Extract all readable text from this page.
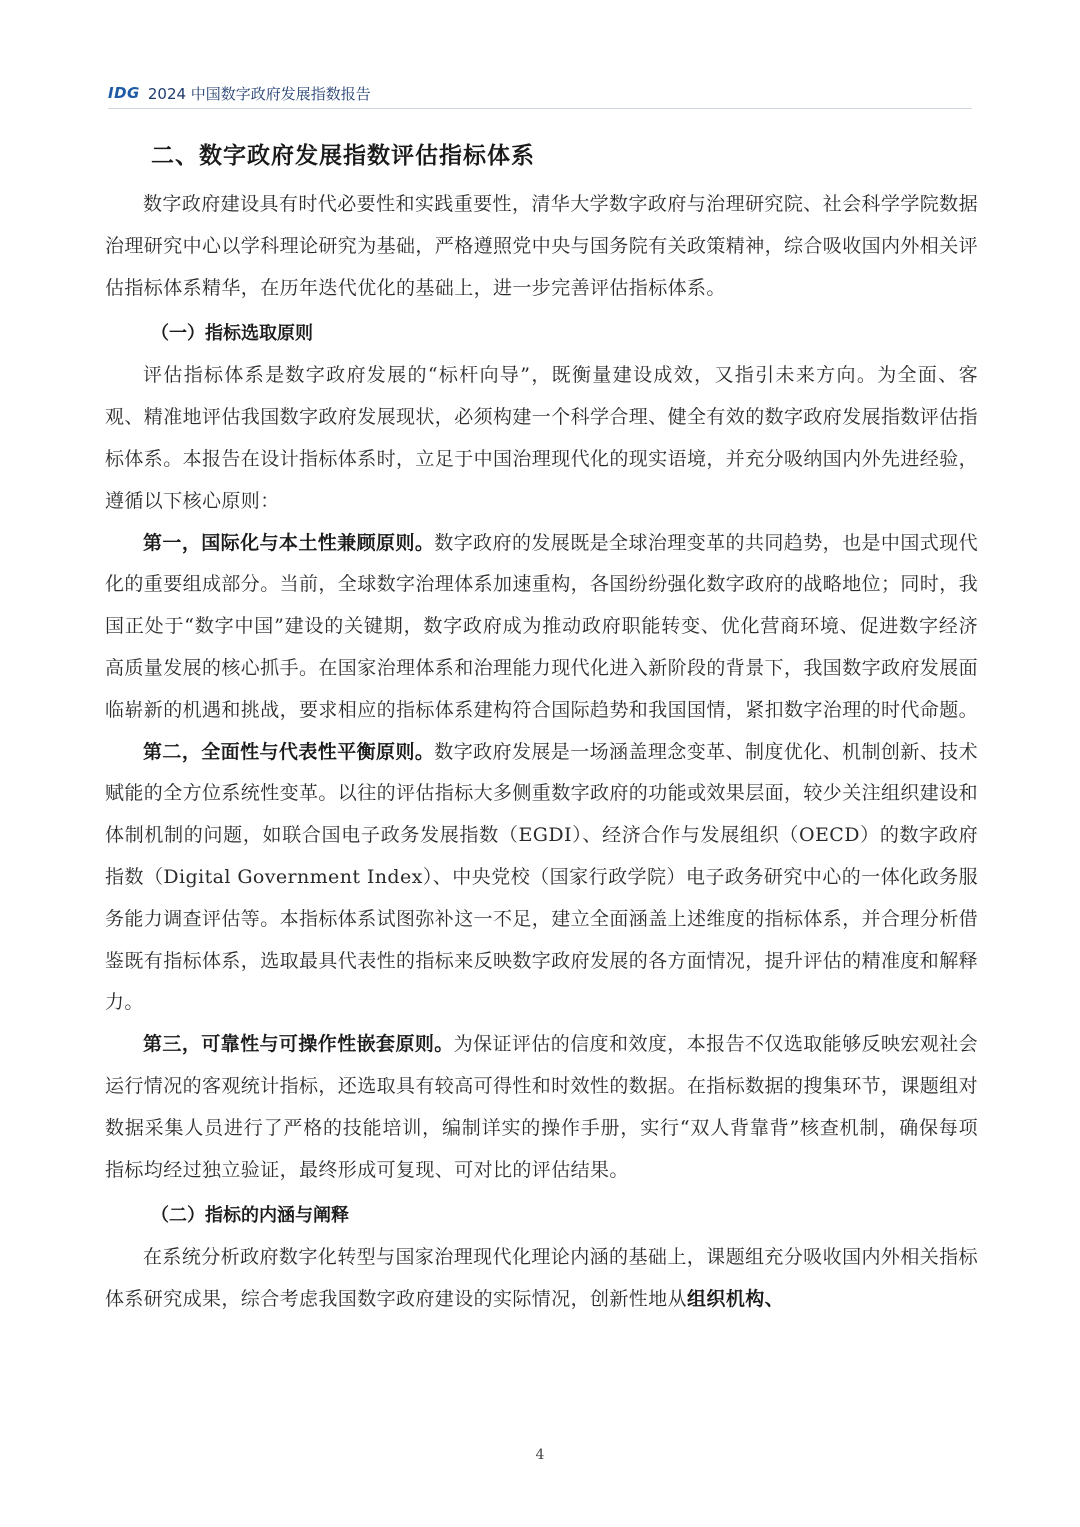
IDG 2024 中国数字政府发展指数报告
二、数字政府发展指数评估指标体系

数字政府建设具有时代必要性和实践重要性，清华大学数字政府与治理研究院、社会科学学院数据治理研究中心以学科理论研究为基础，严格遵照党中央与国务院有关政策精神，综合吸收国内外相关评估指标体系精华，在历年迭代优化的基础上，进一步完善评估指标体系。

（一）指标选取原则

评估指标体系是数字政府发展的“标杆向导”，既衡量建设成效，又指引未来方向。为全面、客观、精准地评估我国数字政府发展现状，必须构建一个科学合理、健全有效的数字政府发展指数评估指标体系。本报告在设计指标体系时，立足于中国治理现代化的现实语境，并充分吸纳国内外先进经验，遵循以下核心原则：

第一，国际化与本土性兼顾原则。数字政府的发展既是全球治理变革的共同趋势，也是中国式现代化的重要组成部分。当前，全球数字治理体系加速重构，各国纷纷强化数字政府的战略地位；同时，我国正处于“数字中国”建设的关键期，数字政府成为推动政府职能转变、优化营商环境、促进数字经济高质量发展的核心抓手。在国家治理体系和治理能力现代化进入新阶段的背景下，我国数字政府发展面临崭新的机遇和挑战，要求相应的指标体系建构符合国际趋势和我国国情，紧扣数字治理的时代命题。

第二，全面性与代表性平衡原则。数字政府发展是一场涵盖理念变革、制度优化、机制创新、技术赋能的全方位系统性变革。以往的评估指标大多侧重数字政府的功能或效果层面，较少关注组织建设和体制机制的问题，如联合国电子政务发展指数（EGDI）、经济合作与发展组织（OECD）的数字政府指数（Digital Government Index）、中央党校（国家行政学院）电子政务研究中心的一体化政务服务能力调查评估等。本指标体系试图弥补这一不足，建立全面涵盖上述维度的指标体系，并合理分析借鉴既有指标体系，选取最具代表性的指标来反映数字政府发展的各方面情况，提升评估的精准度和解释力。

第三，可靠性与可操作性嵌套原则。为保证评估的信度和效度，本报告不仅选取能够反映宏观社会运行情况的客观统计指标，还选取具有较高可得性和时效性的数据。在指标数据的搜集环节，课题组对数据采集人员进行了严格的技能培训，编制详实的操作手册，实行“双人背靠背”核查机制，确保每项指标均经过独立验证，最终形成可复现、可对比的评估结果。

（二）指标的内涵与阐释

在系统分析政府数字化转型与国家治理现代化理论内涵的基础上，课题组充分吸收国内外相关指标体系研究成果，综合考虑我国数字政府建设的实际情况，创新性地从组织机构、

4
